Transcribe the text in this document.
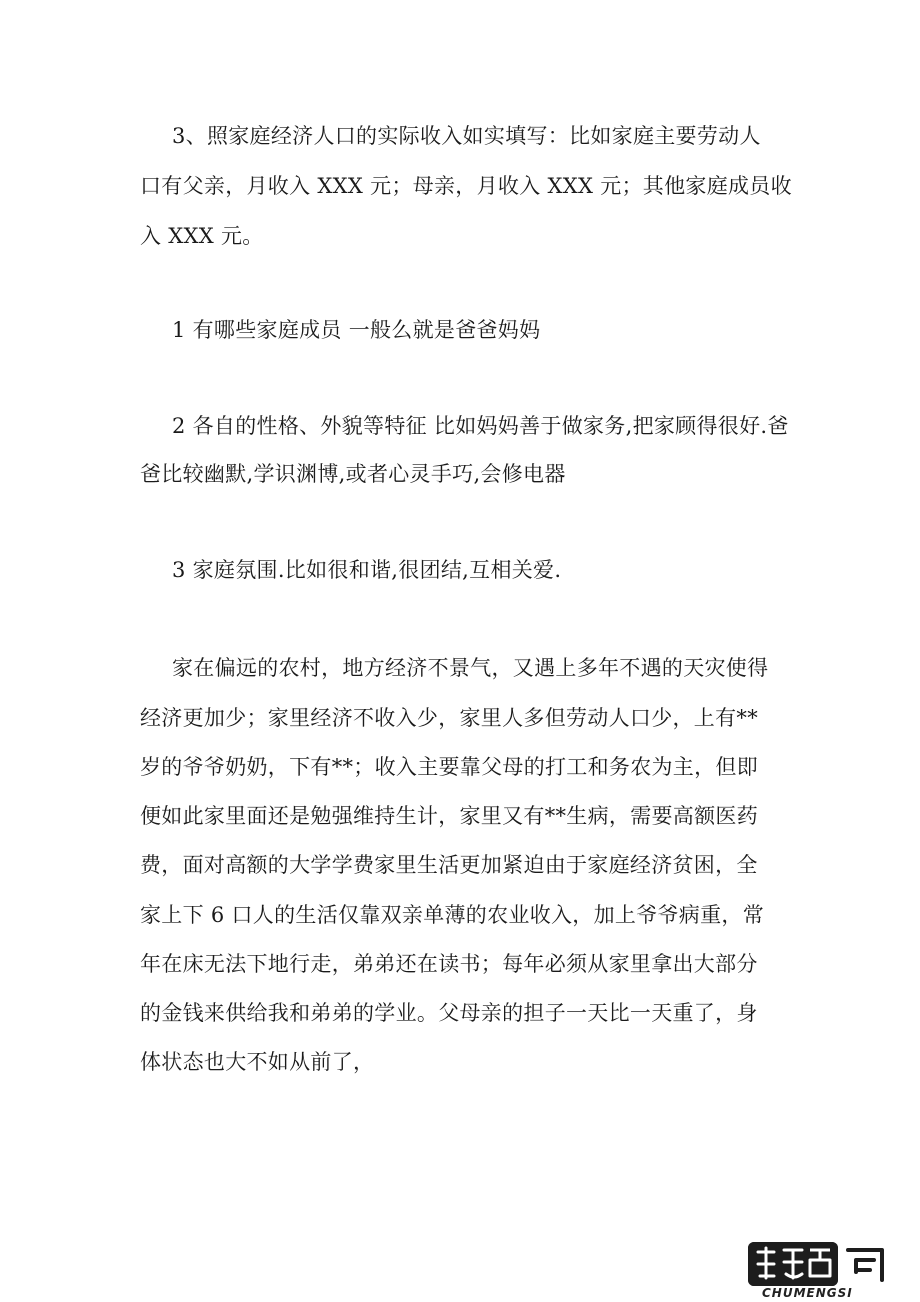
3、照家庭经济人口的实际收入如实填写：比如家庭主要劳动人
口有父亲，月收入 XXX 元；母亲，月收入 XXX 元；其他家庭成员收
入 XXX 元。
1 有哪些家庭成员 一般么就是爸爸妈妈
2 各自的性格、外貌等特征 比如妈妈善于做家务,把家顾得很好.爸
爸比较幽默,学识渊博,或者心灵手巧,会修电器
3 家庭氛围.比如很和谐,很团结,互相关爱.
家在偏远的农村，地方经济不景气，又遇上多年不遇的天灾使得
经济更加少；家里经济不收入少，家里人多但劳动人口少，上有**
岁的爷爷奶奶，下有**；收入主要靠父母的打工和务农为主，但即
便如此家里面还是勉强维持生计，家里又有**生病，需要高额医药
费，面对高额的大学学费家里生活更加紧迫由于家庭经济贫困，全
家上下 6 口人的生活仅靠双亲单薄的农业收入，加上爷爷病重，常
年在床无法下地行走，弟弟还在读书；每年必须从家里拿出大部分
的金钱来供给我和弟弟的学业。父母亲的担子一天比一天重了，身
体状态也大不如从前了，
CHUMENGSI
